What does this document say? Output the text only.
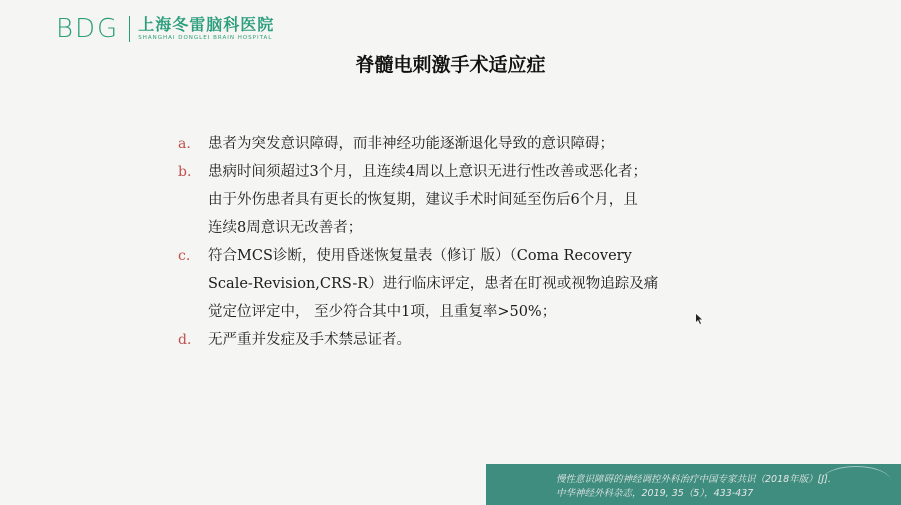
BDG 上海冬雷脑科医院
SHANGHAI DONGLEI BRAIN HOSPITAL
脊髓电刺激手术适应症
a.	患者为突发意识障碍，而非神经功能逐渐退化导致的意识障碍；
b.	患病时间须超过3个月，且连续4周以上意识无进行性改善或恶化者；
由于外伤患者具有更长的恢复期，建议手术时间延至伤后6个月，且
连续8周意识无改善者；
c.	符合MCS诊断，使用昏迷恢复量表（修订 版）（Coma Recovery
Scale-Revision,CRS-R）进行临床评定，患者在盯视或视物追踪及痛
觉定位评定中， 至少符合其中1项，且重复率>50%；
d.	无严重并发症及手术禁忌证者。
慢性意识障碍的神经调控外科治疗中国专家共识（2018年版）[J].
中华神经外科杂志，2019, 35（5），433-437
